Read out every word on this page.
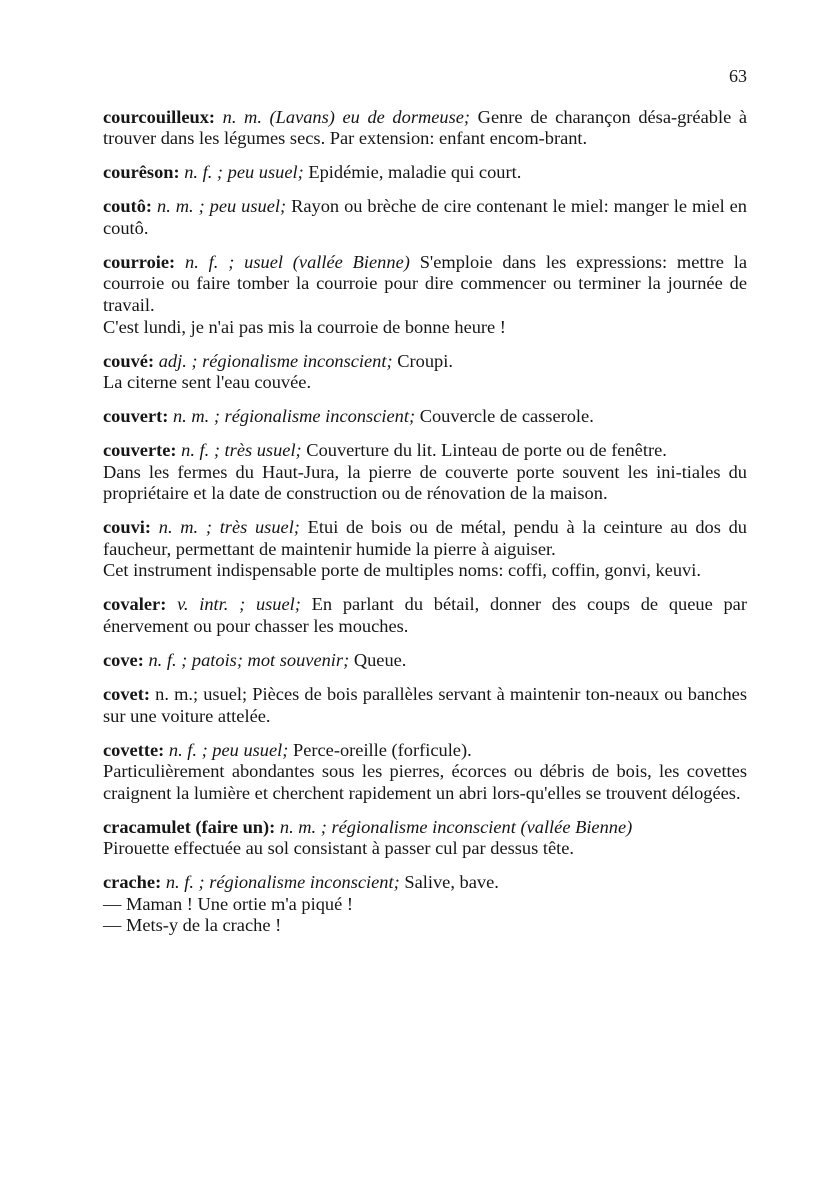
63
courcouilleux: n. m. (Lavans) eu de dormeuse; Genre de charançon désa-gréable à trouver dans les légumes secs. Par extension: enfant encom-brant.
courêson: n. f. ; peu usuel; Epidémie, maladie qui court.
coutô: n. m. ; peu usuel; Rayon ou brèche de cire contenant le miel: manger le miel en coutô.
courroie: n. f. ; usuel (vallée Bienne) S'emploie dans les expressions: mettre la courroie ou faire tomber la courroie pour dire commencer ou terminer la journée de travail.
C'est lundi, je n'ai pas mis la courroie de bonne heure !
couvé: adj. ; régionalisme inconscient; Croupi.
La citerne sent l'eau couvée.
couvert: n. m. ; régionalisme inconscient; Couvercle de casserole.
couverte: n. f. ; très usuel; Couverture du lit. Linteau de porte ou de fenêtre.
Dans les fermes du Haut-Jura, la pierre de couverte porte souvent les ini-tiales du propriétaire et la date de construction ou de rénovation de la maison.
couvi: n. m. ; très usuel; Etui de bois ou de métal, pendu à la ceinture au dos du faucheur, permettant de maintenir humide la pierre à aiguiser.
Cet instrument indispensable porte de multiples noms: coffi, coffin, gonvi, keuvi.
covaler: v. intr. ; usuel; En parlant du bétail, donner des coups de queue par énervement ou pour chasser les mouches.
cove: n. f. ; patois; mot souvenir; Queue.
covet: n. m.; usuel; Pièces de bois parallèles servant à maintenir ton-neaux ou banches sur une voiture attelée.
covette: n. f. ; peu usuel; Perce-oreille (forficule).
Particulièrement abondantes sous les pierres, écorces ou débris de bois, les covettes craignent la lumière et cherchent rapidement un abri lors-qu'elles se trouvent délogées.
cracamulet (faire un): n. m. ; régionalisme inconscient (vallée Bienne)
Pirouette effectuée au sol consistant à passer cul par dessus tête.
crache: n. f. ; régionalisme inconscient; Salive, bave.
— Maman ! Une ortie m'a piqué !
— Mets-y de la crache !
